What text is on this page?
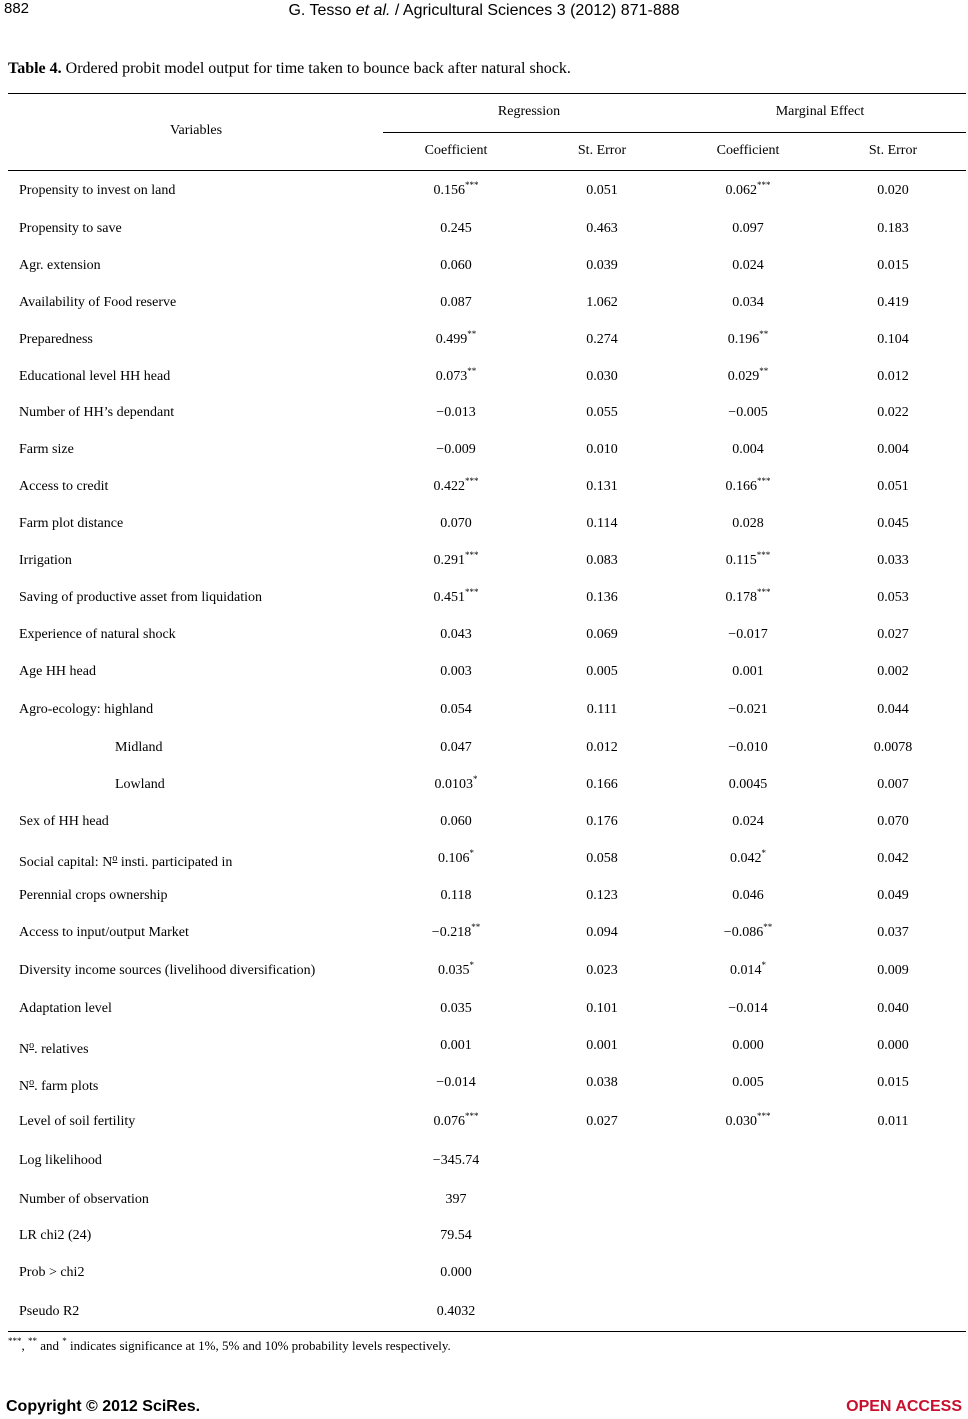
882	G. Tesso et al. / Agricultural Sciences 3 (2012) 871-888
Table 4. Ordered probit model output for time taken to bounce back after natural shock.
Variables
Regression	Marginal Effect
Coefficient	St. Error	Coefficient	St. Error
Propensity to invest on land	0.156***	0.051	0.062***	0.020
Propensity to save	0.245	0.463	0.097	0.183
Agr. extension	0.060	0.039	0.024	0.015
Availability of Food reserve	0.087	1.062	0.034	0.419
Preparedness	0.499**	0.274	0.196**	0.104
Educational level HH head	0.073**	0.030	0.029**	0.012
Number of HH’s dependant	−0.013	0.055	−0.005	0.022
Farm size	−0.009	0.010	0.004	0.004
Access to credit	0.422***	0.131	0.166***	0.051
Farm plot distance	0.070	0.114	0.028	0.045
Irrigation	0.291***	0.083	0.115***	0.033
Saving of productive asset from liquidation	0.451***	0.136	0.178***	0.053
Experience of natural shock	0.043	0.069	−0.017	0.027
Age HH head	0.003	0.005	0.001	0.002
Agro-ecology: highland	0.054	0.111	−0.021	0.044
Midland	0.047	0.012	−0.010	0.0078
Lowland	0.0103*	0.166	0.0045	0.007
Sex of HH head	0.060	0.176	0.024	0.070
Social capital: $N^o$ insti. participated in	0.106*	0.058	0.042*	0.042
Perennial crops ownership	0.118	0.123	0.046	0.049
Access to input/output Market	−0.218**	0.094	−0.086**	0.037
Diversity income sources (livelihood diversification)	0.035*	0.023	0.014*	0.009
Adaptation level	0.035	0.101	−0.014	0.040
$N^o$. relatives	0.001	0.001	0.000	0.000
$N^o$. farm plots	−0.014	0.038	0.005	0.015
Level of soil fertility	0.076***	0.027	0.030***	0.011
Log likelihood	−345.74
Number of observation	397
LR chi2 (24)	79.54
Prob > chi2	0.000
Pseudo R2	0.4032
***, ** and * indicates significance at 1%, 5% and 10% probability levels respectively.
Copyright © 2012 SciRes.	OPEN ACCESS
